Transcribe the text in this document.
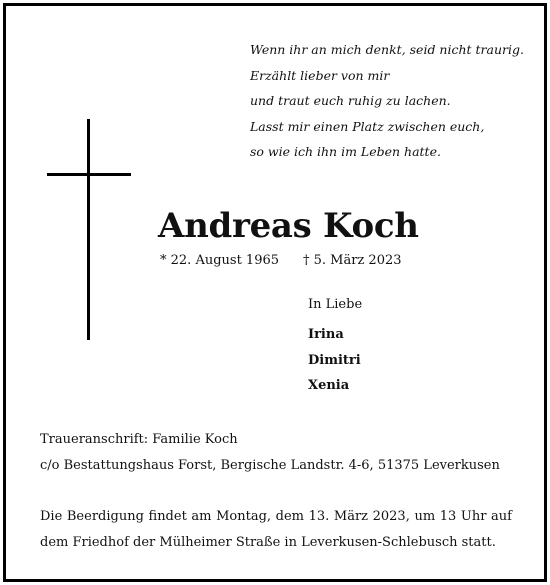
Wenn ihr an mich denkt, seid nicht traurig.
Erzählt lieber von mir
und traut euch ruhig zu lachen.
Lasst mir einen Platz zwischen euch,
so wie ich ihn im Leben hatte.
Andreas Koch
* 22. August 1965 † 5. März 2023
In Liebe
Irina
Dimitri
Xenia
Traueranschrift: Familie Koch
c/o Bestattungshaus Forst, Bergische Landstr. 4-6, 51375 Leverkusen
Die Beerdigung findet am Montag, dem 13. März 2023, um 13 Uhr auf dem Friedhof der Mülheimer Straße in Leverkusen-Schlebusch statt.
